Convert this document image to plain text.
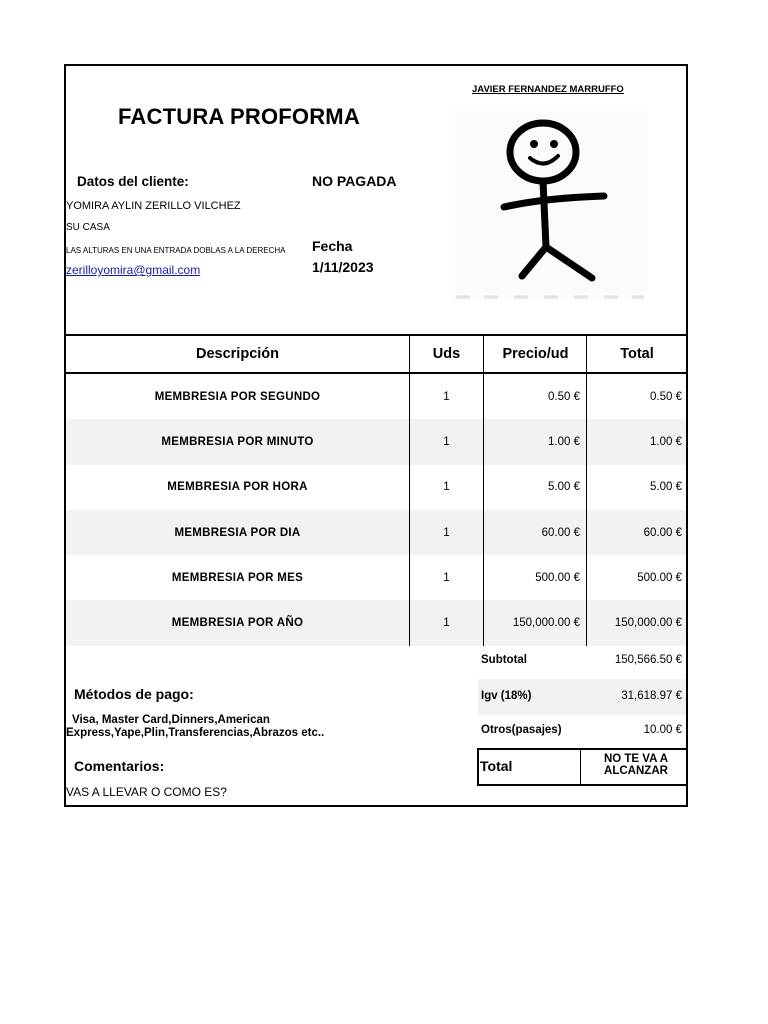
FACTURA PROFORMA
JAVIER FERNANDEZ MARRUFFO
Datos del cliente:	NO PAGADA
YOMIRA AYLIN ZERILLO VILCHEZ
SU CASA
LAS ALTURAS EN UNA ENTRADA DOBLAS A LA DERECHA
zerilloyomira@gmail.com
Fecha
1/11/2023
Descripción	Uds	Precio/ud	Total
MEMBRESIA POR SEGUNDO	1	0.50 €	0.50 €
MEMBRESIA POR MINUTO	1	1.00 €	1.00 €
MEMBRESIA POR HORA	1	5.00 €	5.00 €
MEMBRESIA POR DIA	1	60.00 €	60.00 €
MEMBRESIA POR MES	1	500.00 €	500.00 €
MEMBRESIA POR AÑO	1	150,000.00 €	150,000.00 €
Subtotal	150,566.50 €
Igv (18%)	31,618.97 €
Otros(pasajes)	10.00 €
Total	NO TE VA A ALCANZAR
Métodos de pago:
Visa, Master Card,Dinners,American
Express,Yape,Plin,Transferencias,Abrazos etc..
Comentarios:
VAS A LLEVAR O COMO ES?
